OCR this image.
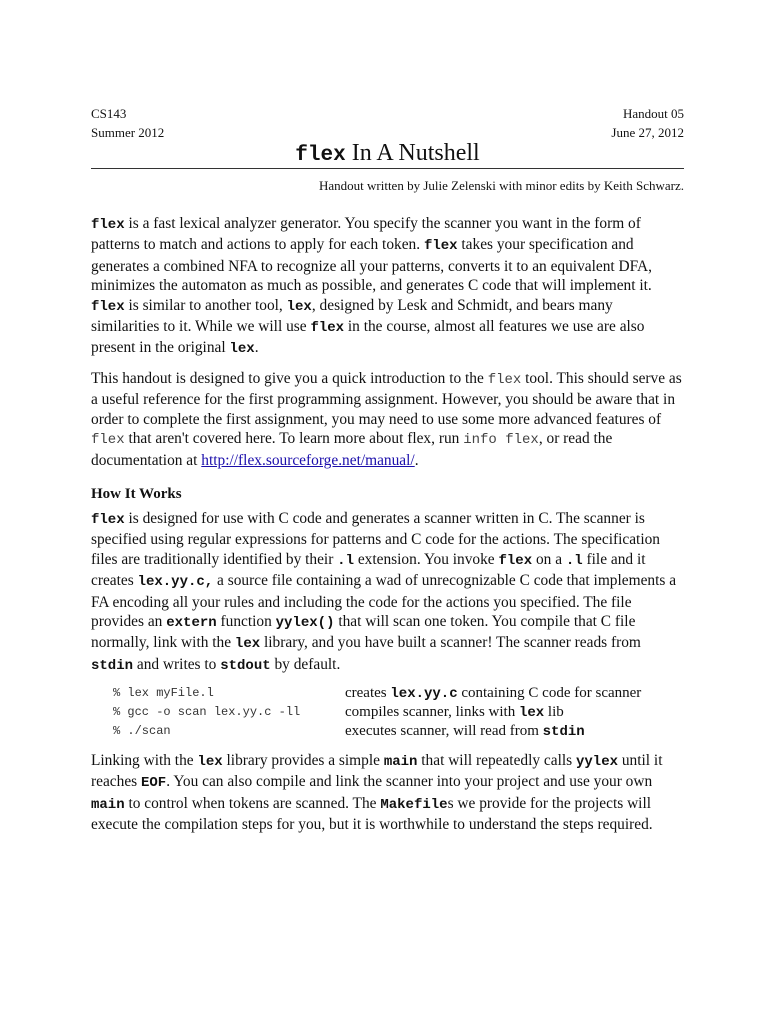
CS143	Handout 05
Summer 2012	June 27, 2012
flex In A Nutshell
Handout written by Julie Zelenski with minor edits by Keith Schwarz.
flex is a fast lexical analyzer generator. You specify the scanner you want in the form of patterns to match and actions to apply for each token. flex takes your specification and generates a combined NFA to recognize all your patterns, converts it to an equivalent DFA, minimizes the automaton as much as possible, and generates C code that will implement it. flex is similar to another tool, lex, designed by Lesk and Schmidt, and bears many similarities to it. While we will use flex in the course, almost all features we use are also present in the original lex.
This handout is designed to give you a quick introduction to the flex tool. This should serve as a useful reference for the first programming assignment. However, you should be aware that in order to complete the first assignment, you may need to use some more advanced features of flex that aren't covered here. To learn more about flex, run info flex, or read the documentation at http://flex.sourceforge.net/manual/.
How It Works
flex is designed for use with C code and generates a scanner written in C. The scanner is specified using regular expressions for patterns and C code for the actions. The specification files are traditionally identified by their .l extension. You invoke flex on a .l file and it creates lex.yy.c, a source file containing a wad of unrecognizable C code that implements a FA encoding all your rules and including the code for the actions you specified. The file provides an extern function yylex() that will scan one token. You compile that C file normally, link with the lex library, and you have built a scanner! The scanner reads from stdin and writes to stdout by default.
% lex myFile.l	creates lex.yy.c containing C code for scanner
% gcc -o scan lex.yy.c -ll	compiles scanner, links with lex lib
% ./scan	executes scanner, will read from stdin
Linking with the lex library provides a simple main that will repeatedly calls yylex until it reaches EOF. You can also compile and link the scanner into your project and use your own main to control when tokens are scanned. The Makefiles we provide for the projects will execute the compilation steps for you, but it is worthwhile to understand the steps required.
